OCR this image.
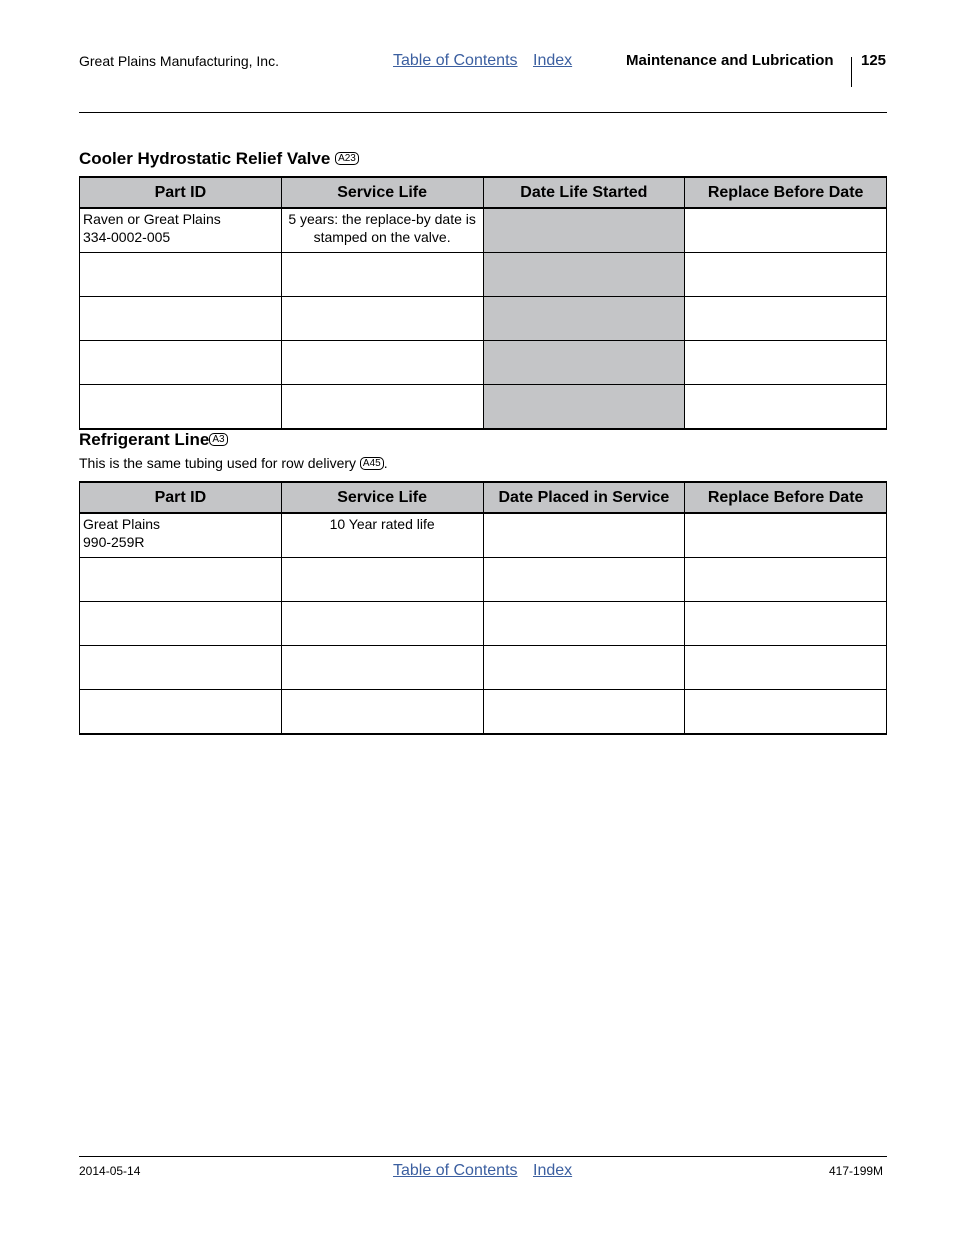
Great Plains Manufacturing, Inc.	Table of Contents Index	Maintenance and Lubrication 125
Cooler Hydrostatic Relief Valve A23
Part ID	Service Life	Date Life Started	Replace Before Date

Raven or Great Plains
334-0002-005	5 years: the replace-by date is stamped on the valve.		

Refrigerant Line A3
This is the same tubing used for row delivery A45 .
Part ID	Service Life	Date Placed in Service	Replace Before Date

Great Plains
990-259R	10 Year rated life		

2014-05-14	Table of Contents Index	417-199M
